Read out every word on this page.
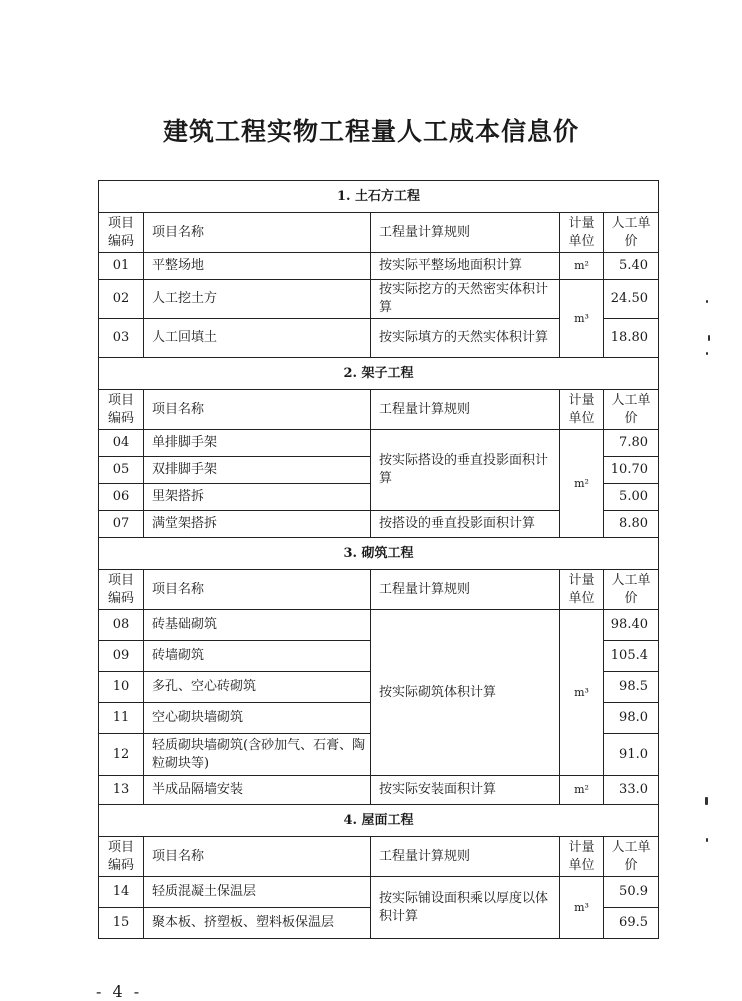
建筑工程实物工程量人工成本信息价
1. 土石方工程				
项目编码	项目名称	工程量计算规则	计量单位	人工单价
01	平整场地	按实际平整场地面积计算	m²	5.40
02	人工挖土方	按实际挖方的天然密实体积计算	m³	24.50
03	人工回填土	按实际填方的天然实体积计算		18.80
2. 架子工程				
项目编码	项目名称	工程量计算规则	计量单位	人工单价
04	单排脚手架	按实际搭设的垂直投影面积计算	m²	7.80
05	双排脚手架			10.70
06	里架搭拆			5.00
07	满堂架搭拆	按搭设的垂直投影面积计算		8.80
3. 砌筑工程				
项目编码	项目名称	工程量计算规则	计量单位	人工单价
08	砖基础砌筑	按实际砌筑体积计算	m³	98.40
09	砖墙砌筑			105.4
10	多孔、空心砖砌筑			98.5
11	空心砌块墙砌筑			98.0
12	轻质砌块墙砌筑(含砂加气、石膏、陶粒砌块等)			91.0
13	半成品隔墙安装	按实际安装面积计算	m²	33.0
4. 屋面工程				
项目编码	项目名称	工程量计算规则	计量单位	人工单价
14	轻质混凝土保温层	按实际铺设面积乘以厚度以体积计算	m³	50.9
15	聚本板、挤塑板、塑料板保温层			69.5
- 4 -
